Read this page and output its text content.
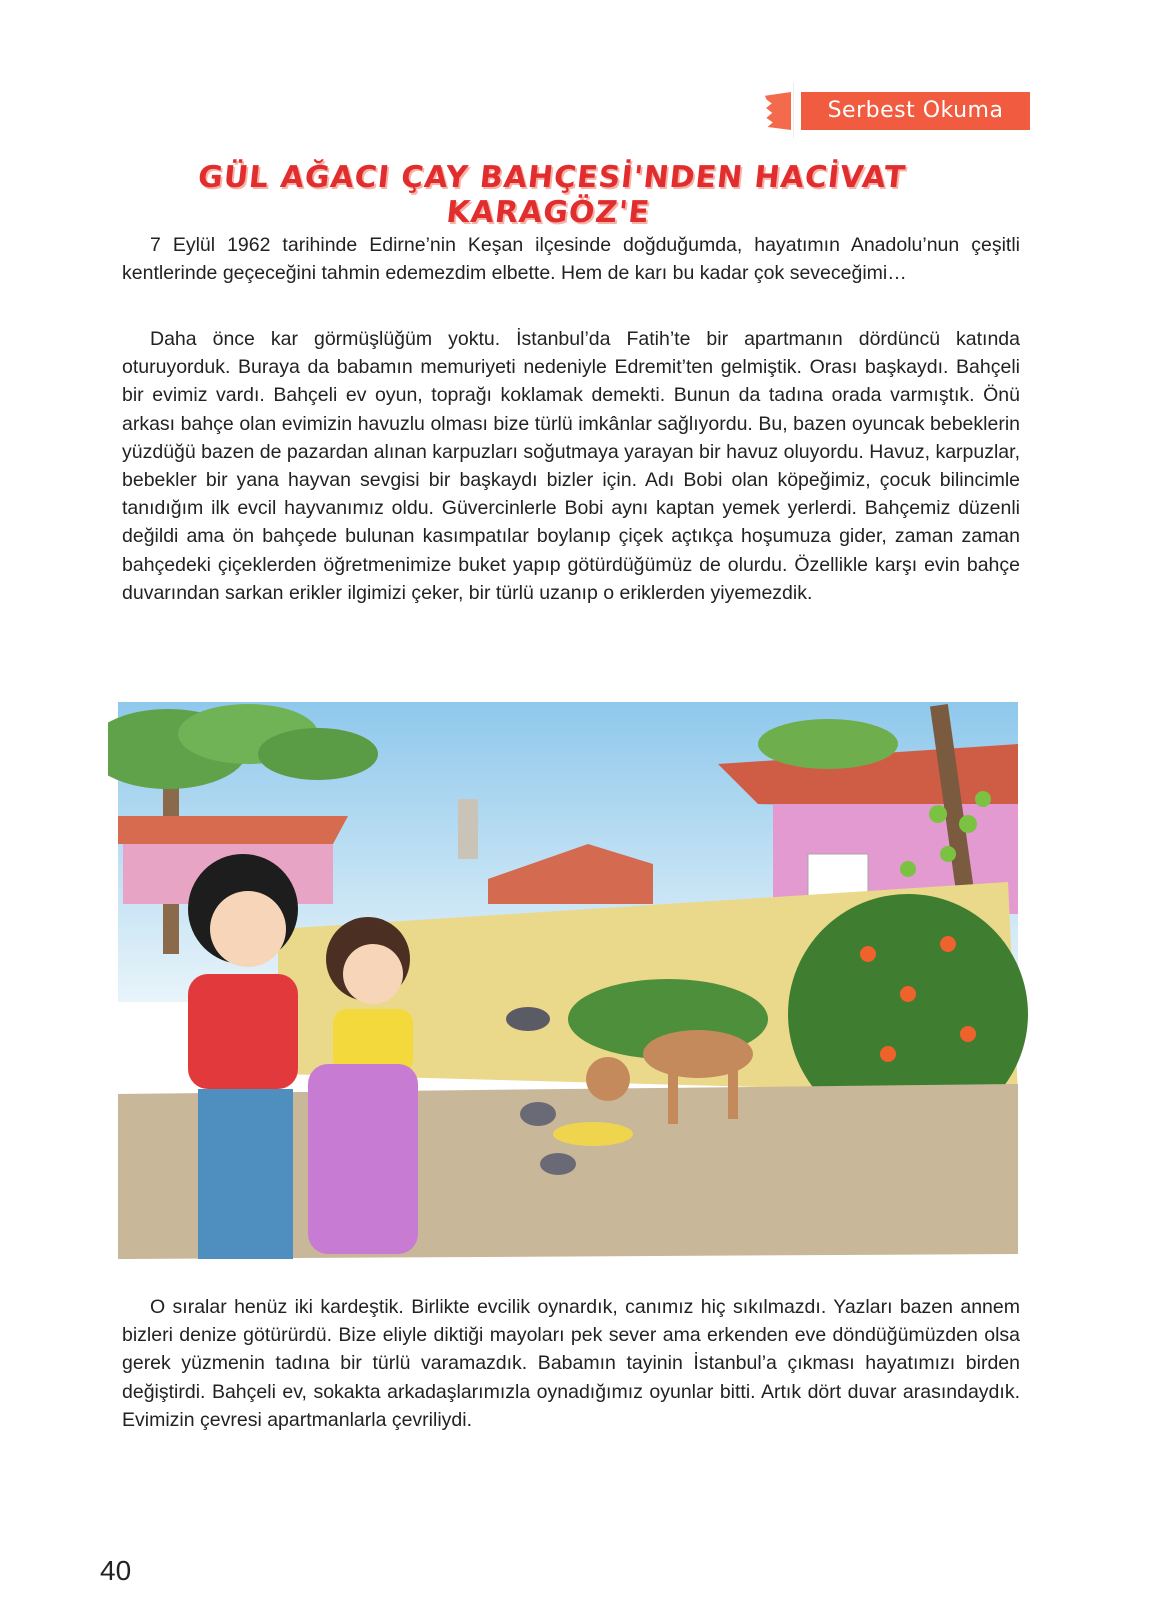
Serbest Okuma
GÜL AĞACI ÇAY BAHÇESİ'NDEN HACİVAT KARAGÖZ'E

7 Eylül 1962 tarihinde Edirne’nin Keşan ilçesinde doğduğumda, hayatımın Anadolu’nun çeşitli kentlerinde geçeceğini tahmin edemezdim elbette. Hem de karı bu kadar çok seveceğimi…

Daha önce kar görmüşlüğüm yoktu. İstanbul’da Fatih’te bir apartmanın dördüncü katında oturuyorduk. Buraya da babamın memuriyeti nedeniyle Edremit’ten gelmiştik. Orası başkaydı. Bahçeli bir evimiz vardı. Bahçeli ev oyun, toprağı koklamak demekti. Bunun da tadına orada varmıştık. Önü arkası bahçe olan evimizin havuzlu olması bize türlü imkânlar sağlıyordu. Bu, bazen oyuncak bebeklerin yüzdüğü bazen de pazardan alınan karpuzları soğutmaya yarayan bir havuz oluyordu. Havuz, karpuzlar, bebekler bir yana hayvan sevgisi bir başkaydı bizler için. Adı Bobi olan köpeğimiz, çocuk bilincimle tanıdığım ilk evcil hayvanımız oldu. Güvercinlerle Bobi aynı kaptan yemek yerlerdi. Bahçemiz düzenli değildi ama ön bahçede bulunan kasımpatılar boylanıp çiçek açtıkça hoşumuza gider, zaman zaman bahçedeki çiçeklerden öğretmenimize buket yapıp götürdüğümüz de olurdu. Özellikle karşı evin bahçe duvarından sarkan erikler ilgimizi çeker, bir türlü uzanıp o eriklerden yiyemezdik.

O sıralar henüz iki kardeştik. Birlikte evcilik oynardık, canımız hiç sıkılmazdı. Yazları bazen annem bizleri denize götürürdü. Bize eliyle diktiği mayoları pek sever ama erkenden eve döndüğümüzden olsa gerek yüzmenin tadına bir türlü varamazdık. Babamın tayinin İstanbul’a çıkması hayatımızı birden değiştirdi. Bahçeli ev, sokakta arkadaşlarımızla oynadığımız oyunlar bitti. Artık dört duvar arasındaydık. Evimizin çevresi apartmanlarla çevriliydi.

40
